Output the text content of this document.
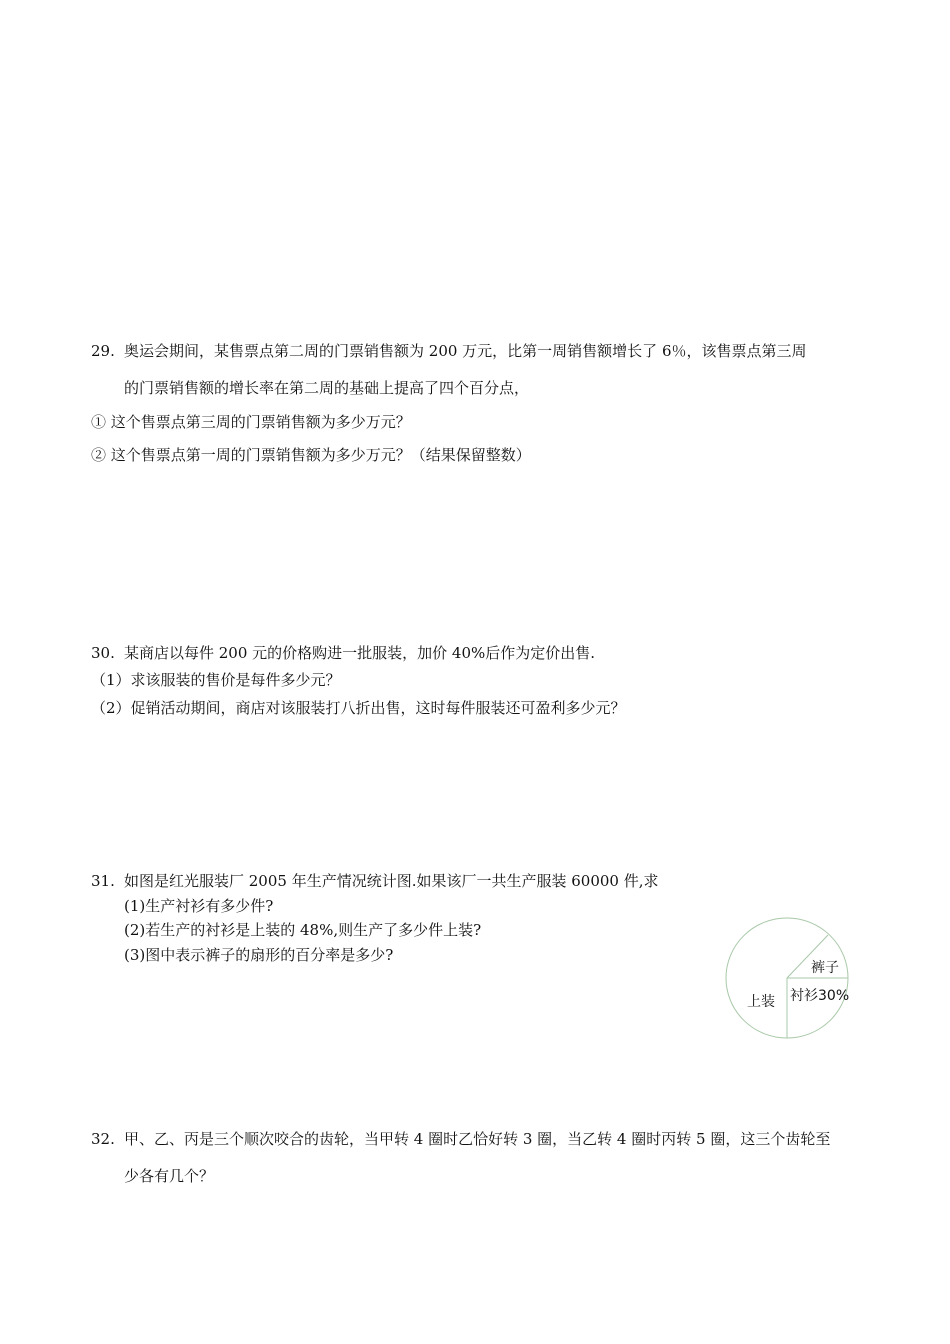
29. 奥运会期间，某售票点第二周的门票销售额为 200 万元，比第一周销售额增长了 6％，该售票点第三周
的门票销售额的增长率在第二周的基础上提高了四个百分点，
① 这个售票点第三周的门票销售额为多少万元？
② 这个售票点第一周的门票销售额为多少万元？（结果保留整数）
30. 某商店以每件 200 元的价格购进一批服装，加价 40%后作为定价出售.
（1）求该服装的售价是每件多少元？
（2）促销活动期间，商店对该服装打八折出售，这时每件服装还可盈利多少元？
31. 如图是红光服装厂 2005 年生产情况统计图.如果该厂一共生产服装 60000 件,求
(1)生产衬衫有多少件?
(2)若生产的衬衫是上装的 48%,则生产了多少件上装?
(3)图中表示裤子的扇形的百分率是多少?
裤子
衬衫30%
上装
32. 甲、乙、丙是三个顺次咬合的齿轮，当甲转 4 圈时乙恰好转 3 圈，当乙转 4 圈时丙转 5 圈，这三个齿轮至
少各有几个？
